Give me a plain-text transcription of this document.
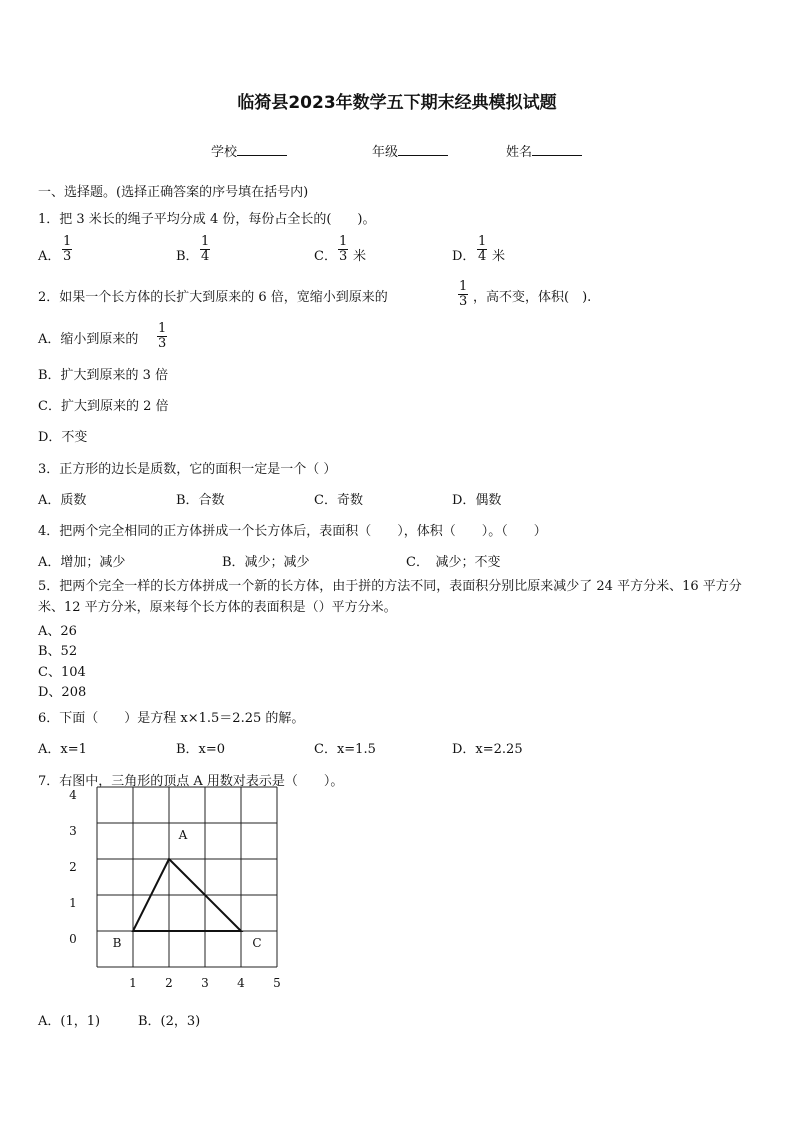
临猗县2023年数学五下期末经典模拟试题
学校	年级	姓名
一、选择题。(选择正确答案的序号填在括号内)
1．把 3 米长的绳子平均分成 4 份，每份占全长的(　　)。
A． $\frac{1}{3}$	B． $\frac{1}{4}$	C． $\frac{1}{3}$ 米	D． $\frac{1}{4}$ 米
2．如果一个长方体的长扩大到原来的 6 倍，宽缩小到原来的	$\frac{1}{3}$ ，高不变，体积(　).
A．缩小到原来的 $\frac{1}{3}$
B．扩大到原来的 3 倍
C．扩大到原来的 2 倍
D．不变
3．正方形的边长是质数，它的面积一定是一个（ ）
A．质数	B．合数	C．奇数	D．偶数
4．把两个完全相同的正方体拼成一个长方体后，表面积（　　），体积（　　）。（　　）
A．增加；减少	B．减少；减少	C．　减少；不变
5．把两个完全一样的长方体拼成一个新的长方体，由于拼的方法不同，表面积分别比原来减少了 24 平方分米、16 平方分米、12 平方分米，原来每个长方体的表面积是（）平方分米。
A、26
B、52
C、104
D、208
6．下面（　　）是方程 x×1.5＝2.25 的解。
A．x=1	B．x=0	C．x=1.5	D．x=2.25
7．右图中，三角形的顶点 A 用数对表示是（　　）。
1 2 3 4 5
0
1
2
3
4
A
B	C
A．(1，1)	B．(2，3)
